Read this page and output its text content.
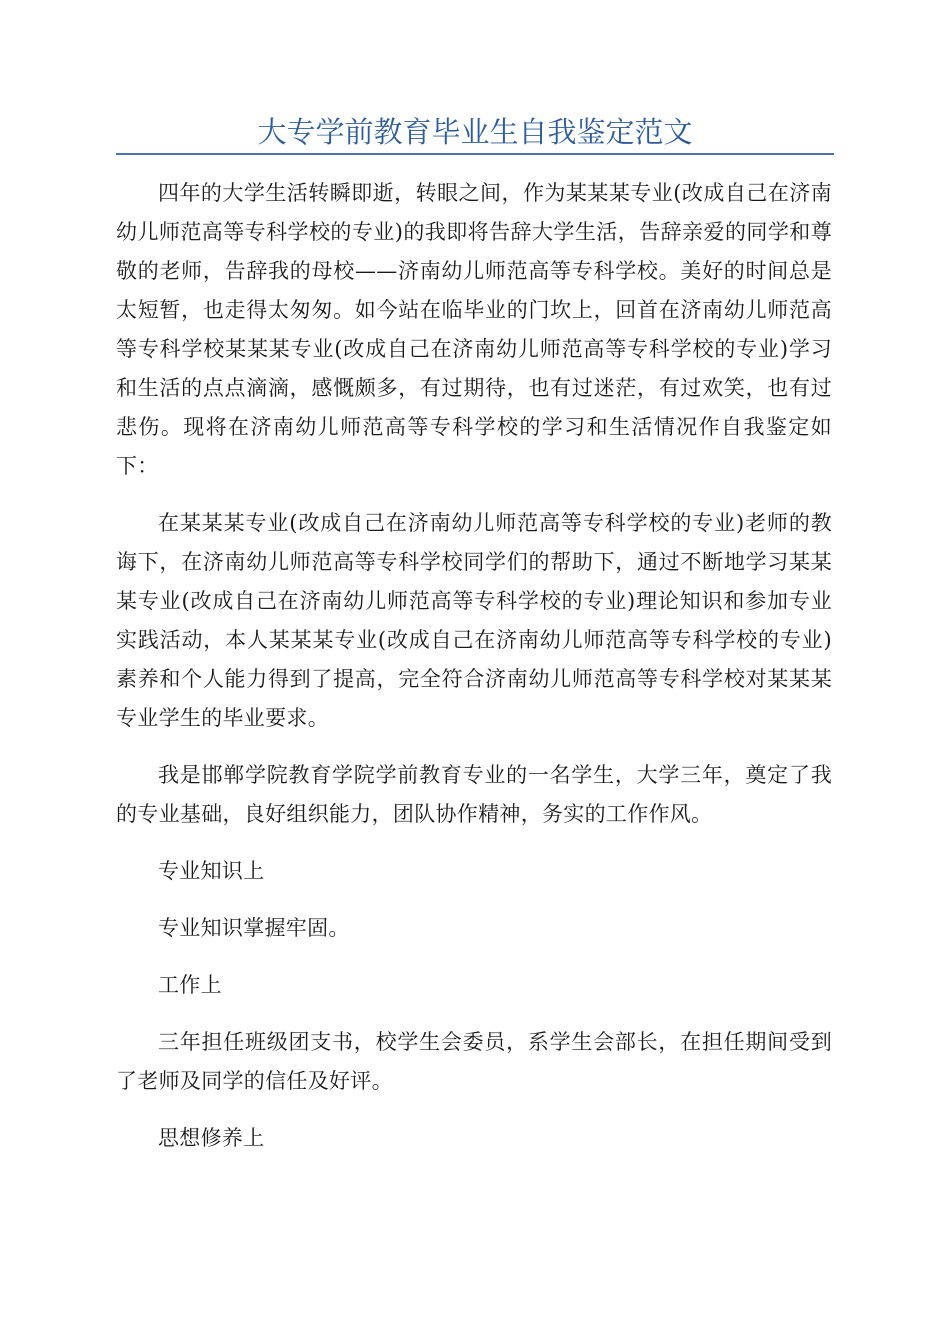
大专学前教育毕业生自我鉴定范文

四年的大学生活转瞬即逝，转眼之间，作为某某某专业(改成自己在济南幼儿师范高等专科学校的专业)的我即将告辞大学生活，告辞亲爱的同学和尊敬的老师，告辞我的母校——济南幼儿师范高等专科学校。美好的时间总是太短暂，也走得太匆匆。如今站在临毕业的门坎上，回首在济南幼儿师范高等专科学校某某某专业(改成自己在济南幼儿师范高等专科学校的专业)学习和生活的点点滴滴，感慨颇多，有过期待，也有过迷茫，有过欢笑，也有过悲伤。现将在济南幼儿师范高等专科学校的学习和生活情况作自我鉴定如下：

在某某某专业(改成自己在济南幼儿师范高等专科学校的专业)老师的教诲下，在济南幼儿师范高等专科学校同学们的帮助下，通过不断地学习某某某专业(改成自己在济南幼儿师范高等专科学校的专业)理论知识和参加专业实践活动，本人某某某专业(改成自己在济南幼儿师范高等专科学校的专业)素养和个人能力得到了提高，完全符合济南幼儿师范高等专科学校对某某某专业学生的毕业要求。

我是邯郸学院教育学院学前教育专业的一名学生，大学三年，奠定了我的专业基础，良好组织能力，团队协作精神，务实的工作作风。

专业知识上

专业知识掌握牢固。

工作上

三年担任班级团支书，校学生会委员，系学生会部长，在担任期间受到了老师及同学的信任及好评。

思想修养上
